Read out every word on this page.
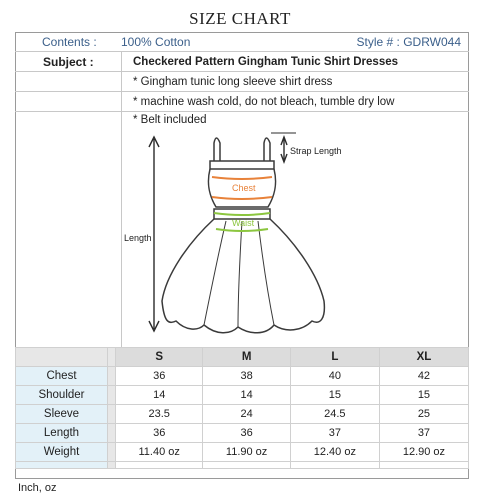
SIZE CHART
Contents : 100% Cotton	Style # : GDRW044
Subject :	Checkered Pattern Gingham Tunic Shirt Dresses
* Gingham tunic long sleeve shirt dress
* machine wash cold, do not bleach, tumble dry low
* Belt included
Chest
Waist
Strap Length
Length
		S	M	L	XL
Chest		36	38	40	42
Shoulder		14	14	15	15
Sleeve		23.5	24	24.5	25
Length		36	36	37	37
Weight		11.40 oz	11.90 oz	12.40 oz	12.90 oz

Inch, oz
